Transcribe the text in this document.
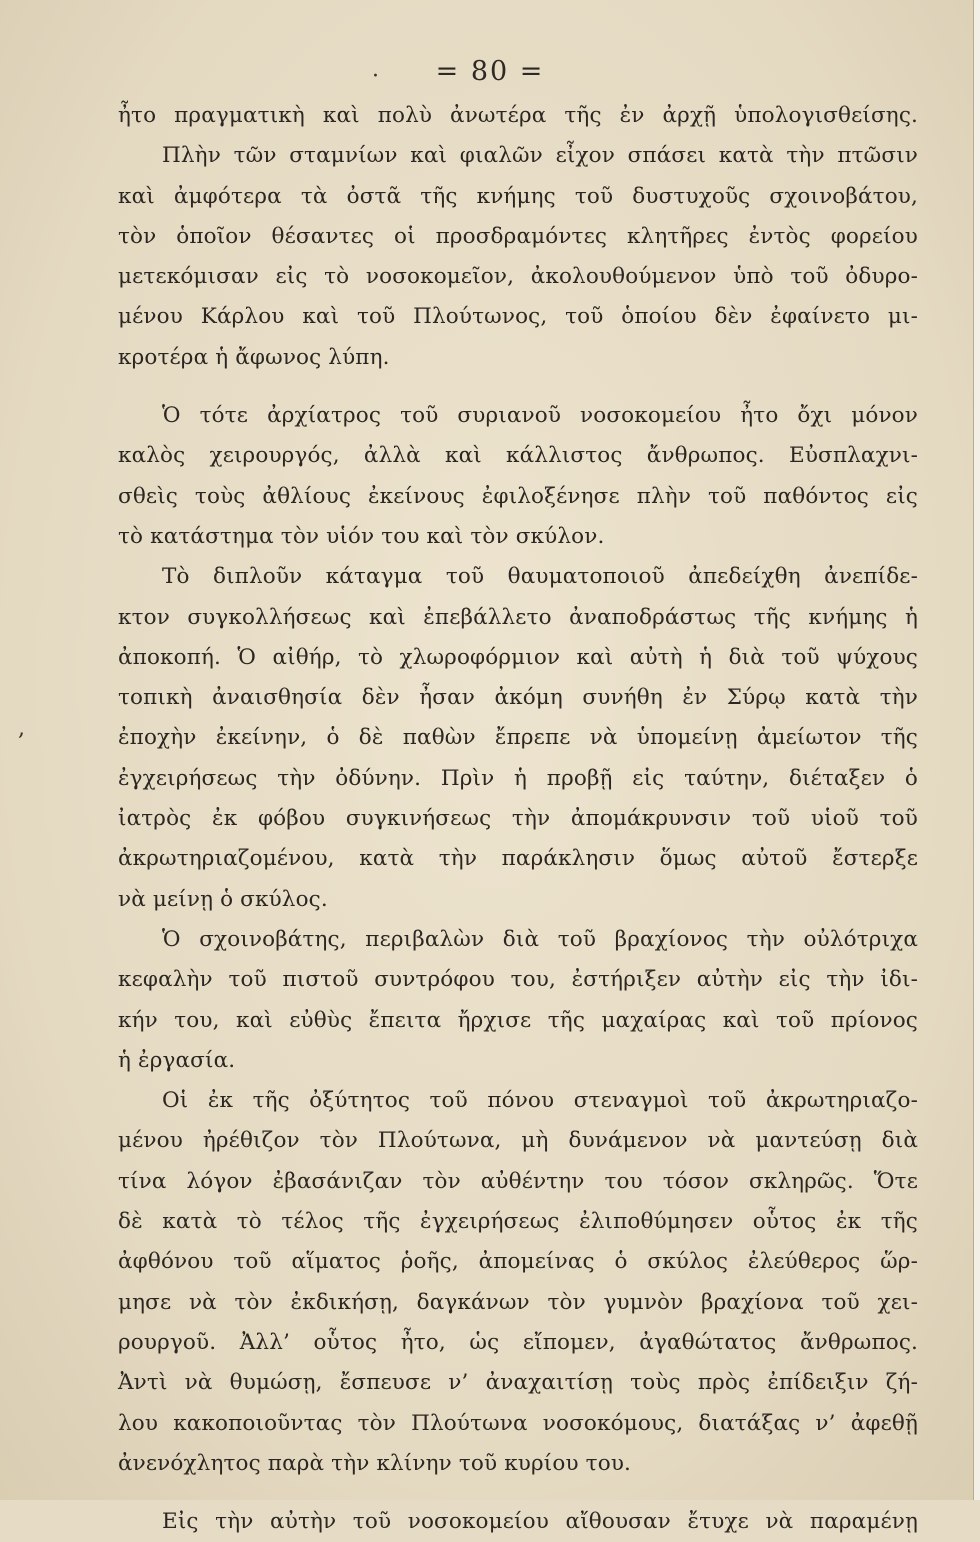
= 80 =
·
,
ἦτο πραγματικὴ καὶ πολὺ ἀνωτέρα τῆς ἐν ἀρχῇ ὑπολογισθείσης.
Πλὴν τῶν σταμνίων καὶ φιαλῶν εἶχον σπάσει κατὰ τὴν πτῶσιν
καὶ ἀμφότερα τὰ ὀστᾶ τῆς κνήμης τοῦ δυστυχοῦς σχοινοβάτου,
τὸν ὁποῖον θέσαντες οἱ προσδραμόντες κλητῆρες ἐντὸς φορείου
μετεκόμισαν εἰς τὸ νοσοκομεῖον, ἀκολουθούμενον ὑπὸ τοῦ ὀδυρο-
μένου Κάρλου καὶ τοῦ Πλούτωνος, τοῦ ὁποίου δὲν ἐφαίνετο μι-
κροτέρα ἡ ἄφωνος λύπη.
Ὁ τότε ἀρχίατρος τοῦ συριανοῦ νοσοκομείου ἦτο ὄχι μόνον
καλὸς χειρουργός, ἀλλὰ καὶ κάλλιστος ἄνθρωπος. Εὐσπλαχνι-
σθεὶς τοὺς ἀθλίους ἐκείνους ἐφιλοξένησε πλὴν τοῦ παθόντος εἰς
τὸ κατάστημα τὸν υἱόν του καὶ τὸν σκύλον.
Τὸ διπλοῦν κάταγμα τοῦ θαυματοποιοῦ ἀπεδείχθη ἀνεπίδε-
κτον συγκολλήσεως καὶ ἐπεβάλλετο ἀναποδράστως τῆς κνήμης ἡ
ἀποκοπή. Ὁ αἰθήρ, τὸ χλωροφόρμιον καὶ αὐτὴ ἡ διὰ τοῦ ψύχους
τοπικὴ ἀναισθησία δὲν ἦσαν ἀκόμη συνήθη ἐν Σύρῳ κατὰ τὴν
ἐποχὴν ἐκείνην, ὁ δὲ παθὼν ἔπρεπε νὰ ὑπομείνῃ ἀμείωτον τῆς
ἐγχειρήσεως τὴν ὀδύνην. Πρὶν ἡ προβῇ εἰς ταύτην, διέταξεν ὁ
ἰατρὸς ἐκ φόβου συγκινήσεως τὴν ἀπομάκρυνσιν τοῦ υἱοῦ τοῦ
ἀκρωτηριαζομένου, κατὰ τὴν παράκλησιν ὅμως αὐτοῦ ἔστερξε
νὰ μείνῃ ὁ σκύλος.
Ὁ σχοινοβάτης, περιβαλὼν διὰ τοῦ βραχίονος τὴν οὐλότριχα
κεφαλὴν τοῦ πιστοῦ συντρόφου του, ἐστήριξεν αὐτὴν εἰς τὴν ἰδι-
κήν του, καὶ εὐθὺς ἔπειτα ἤρχισε τῆς μαχαίρας καὶ τοῦ πρίονος
ἡ ἐργασία.
Οἱ ἐκ τῆς ὀξύτητος τοῦ πόνου στεναγμοὶ τοῦ ἀκρωτηριαζο-
μένου ἠρέθιζον τὸν Πλούτωνα, μὴ δυνάμενον νὰ μαντεύσῃ διὰ
τίνα λόγον ἐβασάνιζαν τὸν αὐθέντην του τόσον σκληρῶς. Ὅτε
δὲ κατὰ τὸ τέλος τῆς ἐγχειρήσεως ἐλιποθύμησεν οὗτος ἐκ τῆς
ἀφθόνου τοῦ αἵματος ῥοῆς, ἀπομείνας ὁ σκύλος ἐλεύθερος ὥρ-
μησε νὰ τὸν ἐκδικήσῃ, δαγκάνων τὸν γυμνὸν βραχίονα τοῦ χει-
ρουργοῦ. Ἀλλ’ οὗτος ἦτο, ὡς εἴπομεν, ἀγαθώτατος ἄνθρωπος.
Ἀντὶ νὰ θυμώσῃ, ἔσπευσε ν’ ἀναχαιτίσῃ τοὺς πρὸς ἐπίδειξιν ζή-
λου κακοποιοῦντας τὸν Πλούτωνα νοσοκόμους, διατάξας ν’ ἀφεθῇ
ἀνενόχλητος παρὰ τὴν κλίνην τοῦ κυρίου του.
Εἰς τὴν αὐτὴν τοῦ νοσοκομείου αἴθουσαν ἔτυχε νὰ παραμένῃ
